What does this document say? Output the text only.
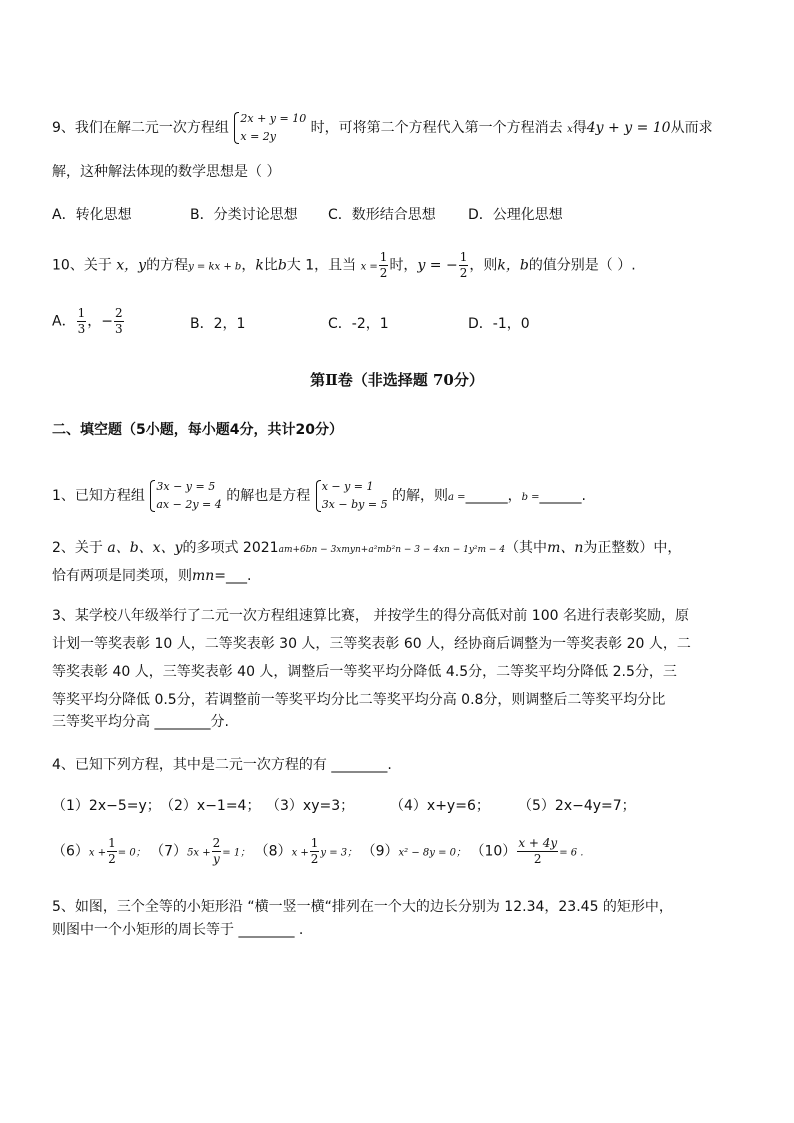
9、我们在解二元一次方程组
2x + y = 10
x = 2y
时，可将第二个方程代入第一个方程消去 x得4y + y = 10从而求
解，这种解法体现的数学思想是（ ）
A．转化思想	B．分类讨论思想 C．数形结合思想 D．公理化思想
10、关于 x，y的方程y = kx + b，k比b大 1，且当 $x = \frac{1}{2}$ 时，y = − $\frac{1}{2}$ ，则k，b的值分别是（ ）.
A． $\frac{1}{3}$ ，− $\frac{2}{3}$	B．2，1	C．-2，1	D．-1，0
第Ⅱ卷（非选择题 70分）
二、填空题（5小题，每小题4分，共计20分）
1、已知方程组
3x − y = 5
ax − 2y = 4
的解也是方程
x − y = 1
3x − by = 5
的解，则a =______，b =______.
2、关于 a、b、x、y的多项式 2021am+6bn − 3xmyn+a²mb²n − 3 − 4xn − 1y²m − 4（其中m、n为正整数）中，
恰有两项是同类项，则mn=___.
3、某学校八年级举行了二元一次方程组速算比赛， 并按学生的得分高低对前 100 名进行表彰奖励，原
计划一等奖表彰 10 人，二等奖表彰 30 人，三等奖表彰 60 人，经协商后调整为一等奖表彰 20 人，二
等奖表彰 40 人，三等奖表彰 40 人，调整后一等奖平均分降低 4.5分，二等奖平均分降低 2.5分，三
等奖平均分降低 0.5分，若调整前一等奖平均分比二等奖平均分高 0.8分，则调整后二等奖平均分比
三等奖平均分高 ________分.
4、已知下列方程，其中是二元一次方程的有 ________.
（1）2x−5=y； （2）x−1=4； （3）xy=3；	（4）x+y=6； （5）2x−4y=7；
$(6)x + \frac{1}{2} = 0$； $(7)5x + \frac{2}{y} = 1$； $(8)x + \frac{1}{2}$ y = 3； （9）x² − 8y = 0； $(10) \frac{x + 4y}{2} = 6$ .
5、如图，三个全等的小矩形沿 “横一竖一横“排列在一个大的边长分别为 12.34，23.45 的矩形中，
则图中一个小矩形的周长等于 ________ .
